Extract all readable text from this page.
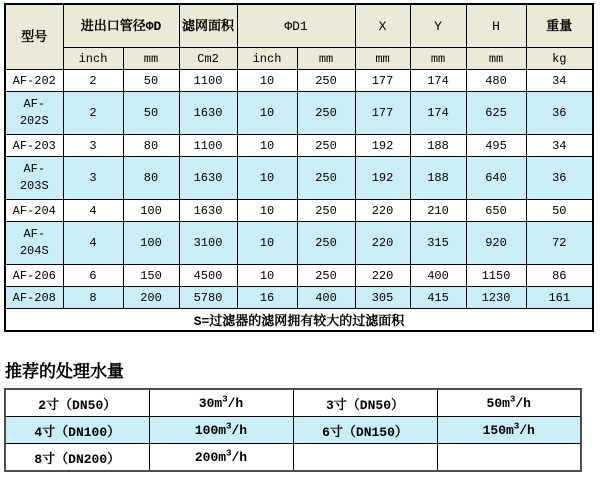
型号	进出口管径ΦD		滤网面积	ΦD1		X	Y	H	重量
	inch	mm	Cm2	inch	mm	mm	mm	mm	kg
AF-202	2	50	1100	10	250	177	174	480	34
AF-202S	2	50	1630	10	250	177	174	625	36
AF-203	3	80	1100	10	250	192	188	495	34
AF-203S	3	80	1630	10	250	192	188	640	36
AF-204	4	100	1630	10	250	220	210	650	50
AF-204S	4	100	3100	10	250	220	315	920	72
AF-206	6	150	4500	10	250	220	400	1150	86
AF-208	8	200	5780	16	400	305	415	1230	161
S=过滤器的滤网拥有较大的过滤面积									
推荐的处理水量
2寸（DN50）	$30m^3/h$	3寸（DN50）	$50m^3/h$
4寸（DN100）	$100m^3/h$	6寸（DN150）	$150m^3/h$
8寸（DN200）	$200m^3/h$		
